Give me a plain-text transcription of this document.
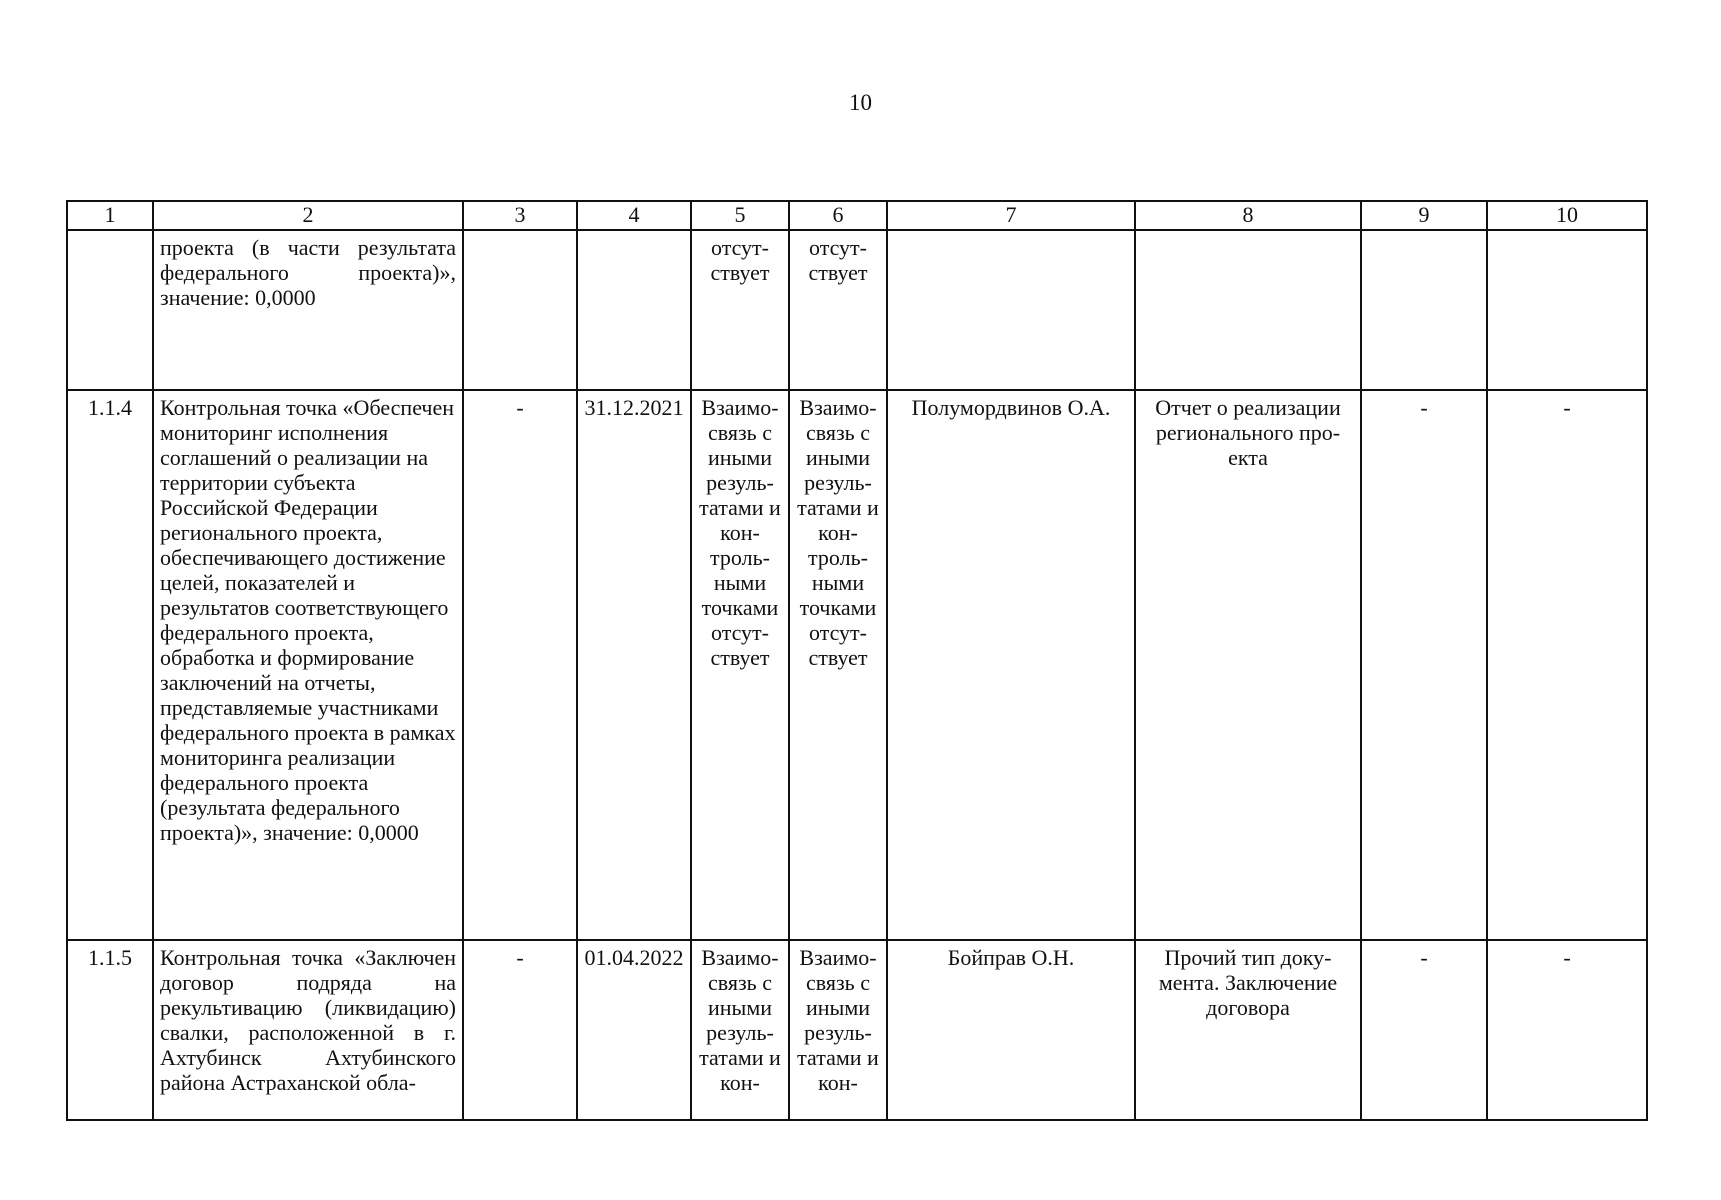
10
1	2	3	4	5	6	7	8	9	10
	проекта (в части результата федерального проекта)», значение: 0,0000			отсут-ствует	отсут-ствует				
1.1.4	Контрольная точка «Обеспечен мониторинг исполнения соглашений о реализации на территории субъекта Российской Федерации регионального проекта, обеспечивающего достижение целей, показателей и результатов соответствующего федерального проекта, обработка и формирование заключений на отчеты, представляемые участниками федерального проекта в рамках мониторинга реализации федерального проекта (результата федерального проекта)», значение: 0,0000	-	31.12.2021	Взаимо-связь с иными резуль-татами и кон-троль-ными точками отсут-ствует	Взаимо-связь с иными резуль-татами и кон-троль-ными точками отсут-ствует	Полумордвинов О.А.	Отчет о реализации регионального про-екта	-	-
1.1.5	Контрольная точка «Заключен договор подряда на рекультивацию (ликвидацию) свалки, расположенной в г. Ахтубинск Ахтубинского района Астраханской обла-	-	01.04.2022	Взаимо-связь с иными резуль-татами и кон-	Взаимо-связь с иными резуль-татами и кон-	Бойправ О.Н.	Прочий тип доку-мента. Заключение договора	-	-
